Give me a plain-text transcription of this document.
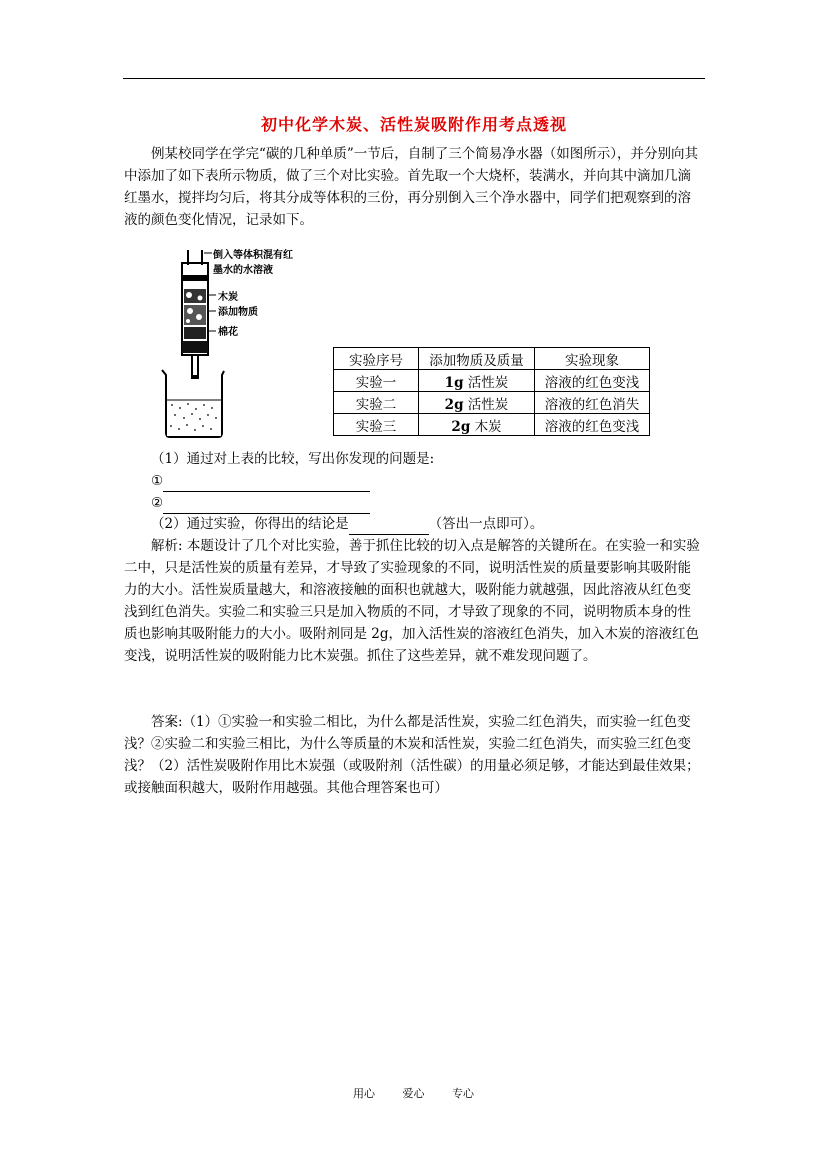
初中化学木炭、活性炭吸附作用考点透视

例某校同学在学完“碳的几种单质”一节后，自制了三个简易净水器（如图所示），并分别向其中添加了如下表所示物质，做了三个对比实验。首先取一个大烧杯，装满水，并向其中滴加几滴红墨水，搅拌均匀后，将其分成等体积的三份，再分别倒入三个净水器中，同学们把观察到的溶液的颜色变化情况，记录如下。

倒入等体积混有红
墨水的水溶液
木炭
添加物质
棉花
实验序号	添加物质及质量	实验现象
实验一	1g 活性炭	溶液的红色变浅
实验二	2g 活性炭	溶液的红色消失
实验三	2g 木炭	溶液的红色变浅
（1）通过对上表的比较，写出你发现的问题是:
①
②
（2）通过实验，你得出的结论是	（答出一点即可）。

解析: 本题设计了几个对比实验，善于抓住比较的切入点是解答的关键所在。在实验一和实验二中，只是活性炭的质量有差异，才导致了实验现象的不同，说明活性炭的质量要影响其吸附能力的大小。活性炭质量越大，和溶液接触的面积也就越大，吸附能力就越强，因此溶液从红色变浅到红色消失。实验二和实验三只是加入物质的不同，才导致了现象的不同，说明物质本身的性质也影响其吸附能力的大小。吸附剂同是 2g，加入活性炭的溶液红色消失，加入木炭的溶液红色变浅，说明活性炭的吸附能力比木炭强。抓住了这些差异，就不难发现问题了。

答案:（1）①实验一和实验二相比，为什么都是活性炭，实验二红色消失，而实验一红色变浅？②实验二和实验三相比，为什么等质量的木炭和活性炭，实验二红色消失，而实验三红色变浅？（2）活性炭吸附作用比木炭强（或吸附剂（活性碳）的用量必须足够，才能达到最佳效果；或接触面积越大，吸附作用越强。其他合理答案也可）

用心	爱心	专心
